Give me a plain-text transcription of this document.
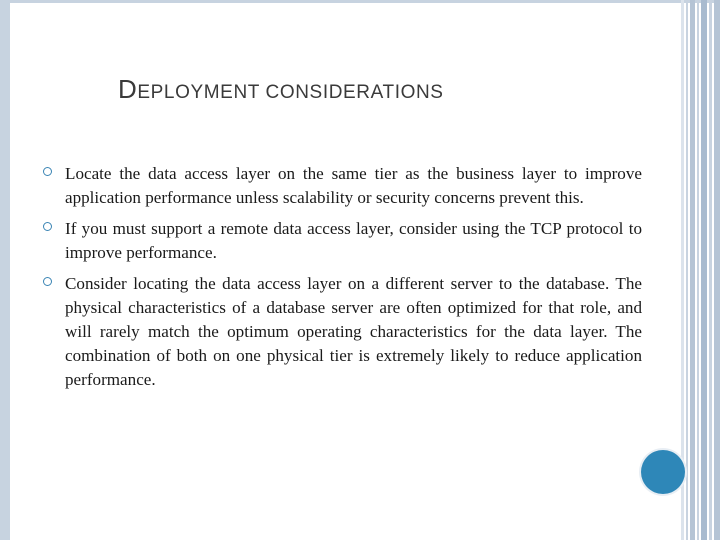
DEPLOYMENT CONSIDERATIONS
Locate the data access layer on the same tier as the business layer to improve application performance unless scalability or security concerns prevent this.
If you must support a remote data access layer, consider using the TCP protocol to improve performance.
Consider locating the data access layer on a different server to the database. The physical characteristics of a database server are often optimized for that role, and will rarely match the optimum operating characteristics for the data layer. The combination of both on one physical tier is extremely likely to reduce application performance.
